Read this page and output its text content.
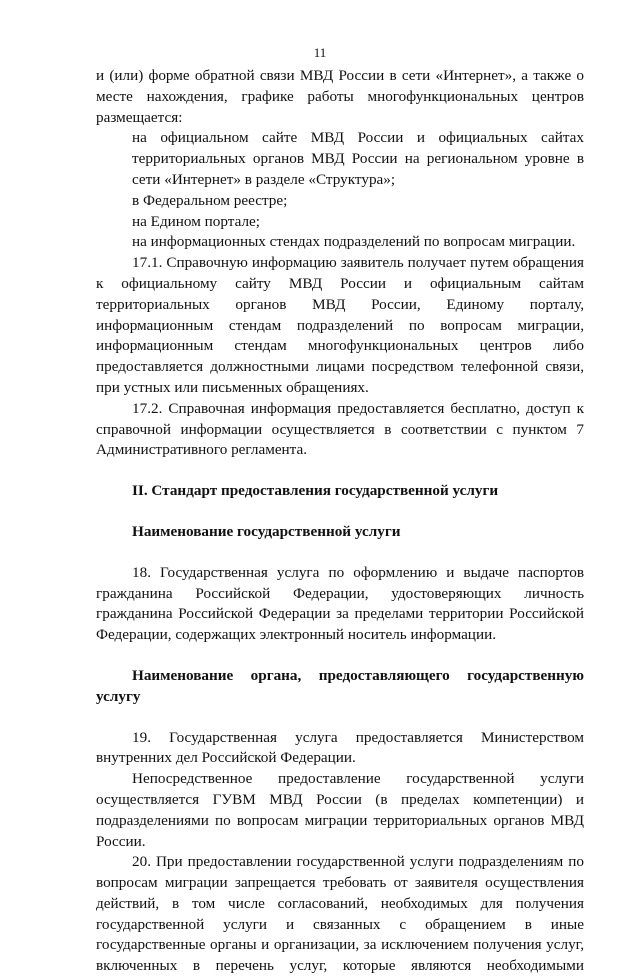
11

и (или) форме обратной связи МВД России в сети «Интернет», а также о месте нахождения, графике работы многофункциональных центров размещается:

на официальном сайте МВД России и официальных сайтах территориальных органов МВД России на региональном уровне в сети «Интернет» в разделе «Структура»;

в Федеральном реестре;

на Едином портале;

на информационных стендах подразделений по вопросам миграции.

17.1. Справочную информацию заявитель получает путем обращения к официальному сайту МВД России и официальным сайтам территориальных органов МВД России, Единому порталу, информационным стендам подразделений по вопросам миграции, информационным стендам многофункциональных центров либо предоставляется должностными лицами посредством телефонной связи, при устных или письменных обращениях.

17.2. Справочная информация предоставляется бесплатно, доступ к справочной информации осуществляется в соответствии с пунктом 7 Административного регламента.

II. Стандарт предоставления государственной услуги
Наименование государственной услуги

18. Государственная услуга по оформлению и выдаче паспортов гражданина Российской Федерации, удостоверяющих личность гражданина Российской Федерации за пределами территории Российской Федерации, содержащих электронный носитель информации.

Наименование органа, предоставляющего государственную услугу

19. Государственная услуга предоставляется Министерством внутренних дел Российской Федерации.

Непосредственное предоставление государственной услуги осуществляется ГУВМ МВД России (в пределах компетенции) и подразделениями по вопросам миграции территориальных органов МВД России.

20. При предоставлении государственной услуги подразделениям по вопросам миграции запрещается требовать от заявителя осуществления действий, в том числе согласований, необходимых для получения государственной услуги и связанных с обращением в иные государственные органы и организации, за исключением получения услуг, включенных в перечень услуг, которые являются необходимыми
